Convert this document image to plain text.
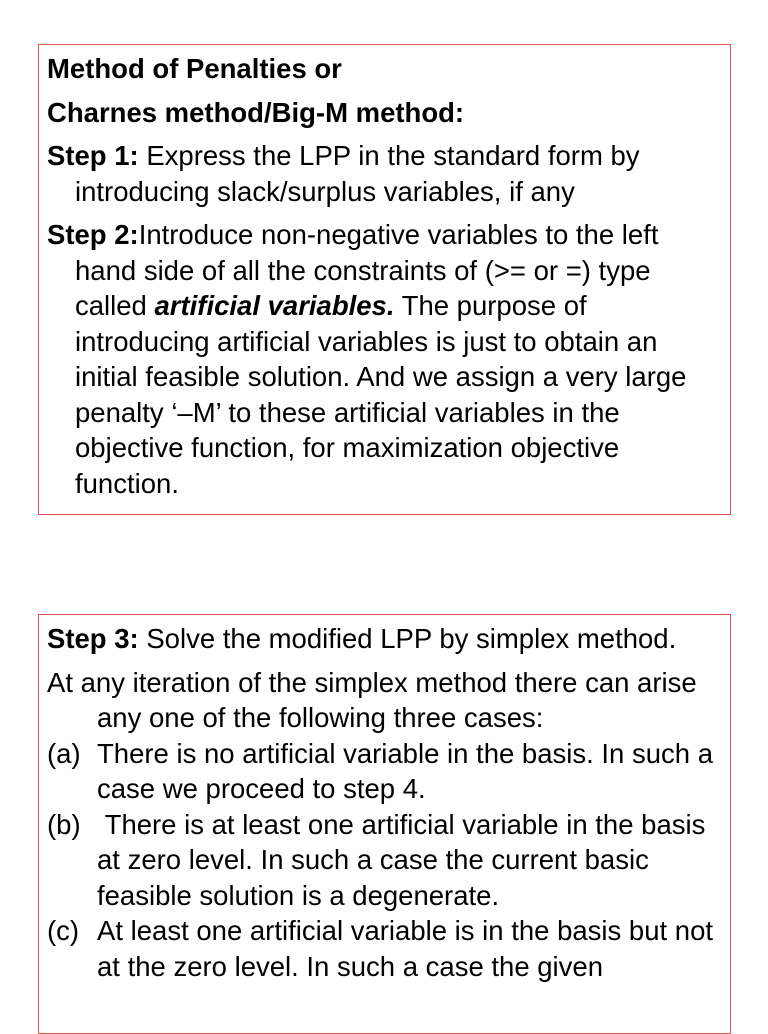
Method of Penalties or

Charnes method/Big-M method:

Step 1: Express the LPP in the standard form by introducing slack/surplus variables, if any

Step 2:Introduce non-negative variables to the left hand side of all the constraints of (>= or =) type called artificial variables. The purpose of introducing artificial variables is just to obtain an initial feasible solution. And we assign a very large penalty ‘–M’ to these artificial variables in the objective function, for maximization objective function.

Step 3: Solve the modified LPP by simplex method.

At any iteration of the simplex method there can arise any one of the following three cases:

(a) There is no artificial variable in the basis. In such a case we proceed to step 4.
(b) There is at least one artificial variable in the basis at zero level. In such a case the current basic feasible solution is a degenerate.
(c) At least one artificial variable is in the basis but not at the zero level. In such a case the given
